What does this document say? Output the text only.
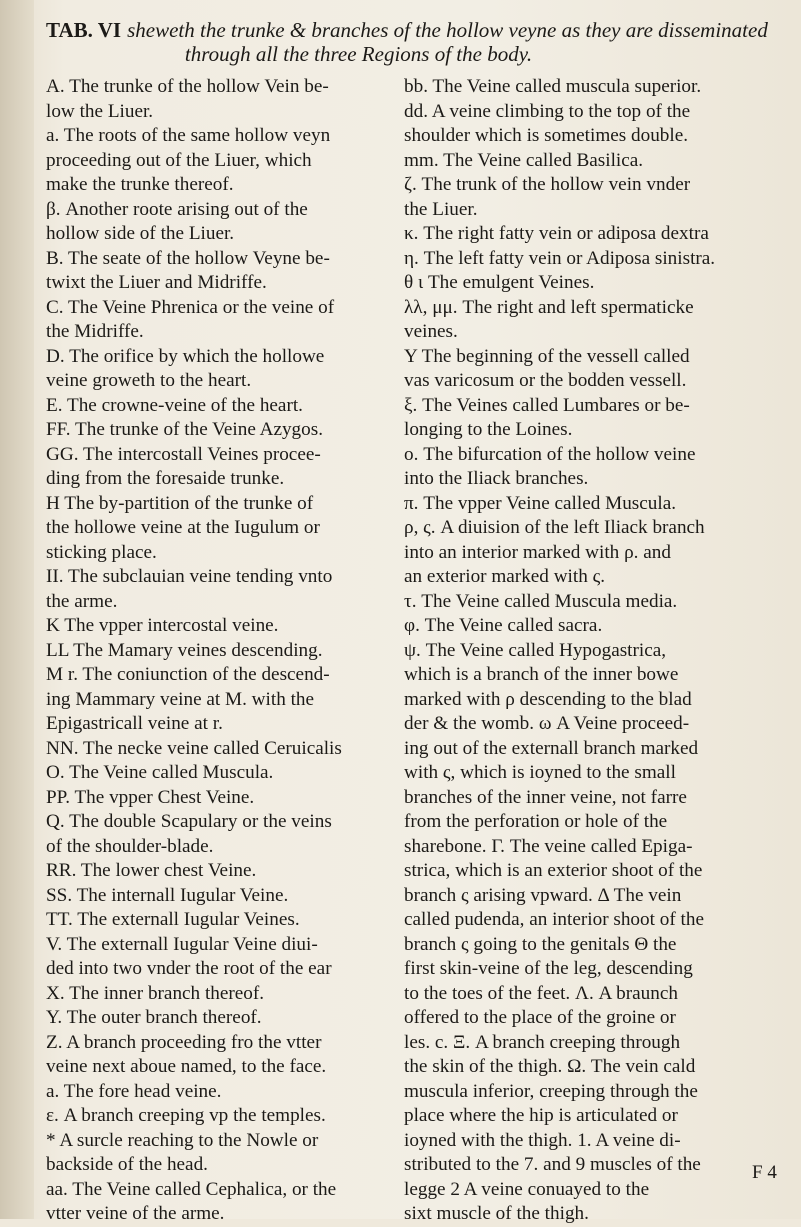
TAB. VI sheweth the trunke & branches of the hollow veyne as they are disseminated
through all the three Regions of the body.
A. The trunke of the hollow Vein be-
low the Liuer.
a. The roots of the same hollow veyn
proceeding out of the Liuer, which
make the trunke thereof.
β. Another roote arising out of the
hollow side of the Liuer.
B. The seate of the hollow Veyne be-
twixt the Liuer and Midriffe.
C. The Veine Phrenica or the veine of
the Midriffe.
D. The orifice by which the hollowe
veine groweth to the heart.
E. The crowne-veine of the heart.
FF. The trunke of the Veine Azygos.
GG. The intercostall Veines procee-
ding from the foresaide trunke.
H The by-partition of the trunke of
the hollowe veine at the Iugulum or
sticking place.
II. The subclauian veine tending vnto
the arme.
K The vpper intercostal veine.
LL The Mamary veines descending.
M r. The coniunction of the descend-
ing Mammary veine at M. with the
Epigastricall veine at r.
NN. The necke veine called Ceruicalis
O. The Veine called Muscula.
PP. The vpper Chest Veine.
Q. The double Scapulary or the veins
of the shoulder-blade.
RR. The lower chest Veine.
SS. The internall Iugular Veine.
TT. The externall Iugular Veines.
V. The externall Iugular Veine diui-
ded into two vnder the root of the ear
X. The inner branch thereof.
Y. The outer branch thereof.
Z. A branch proceeding fro the vtter
veine next aboue named, to the face.
a. The fore head veine.
ε. A branch creeping vp the temples.
* A surcle reaching to the Nowle or
backside of the head.
aa. The Veine called Cephalica, or the
vtter veine of the arme.
bb. The Veine called muscula superior.
dd. A veine climbing to the top of the
shoulder which is sometimes double.
mm. The Veine called Basilica.
ζ. The trunk of the hollow vein vnder
the Liuer.
κ. The right fatty vein or adiposa dextra
η. The left fatty vein or Adiposa sinistra.
θ ι The emulgent Veines.
λλ, μμ. The right and left spermaticke
veines.
Y The beginning of the vessell called
vas varicosum or the bodden vessell.
ξ. The Veines called Lumbares or be-
longing to the Loines.
ο. The bifurcation of the hollow veine
into the Iliack branches.
π. The vpper Veine called Muscula.
ρ, ς. A diuision of the left Iliack branch
into an interior marked with ρ. and
an exterior marked with ς.
τ. The Veine called Muscula media.
φ. The Veine called sacra.
ψ. The Veine called Hypogastrica,
which is a branch of the inner bowe
marked with ρ descending to the blad
der & the womb. ω A Veine proceed-
ing out of the externall branch marked
with ς, which is ioyned to the small
branches of the inner veine, not farre
from the perforation or hole of the
sharebone. Γ. The veine called Epiga-
strica, which is an exterior shoot of the
branch ς arising vpward. Δ The vein
called pudenda, an interior shoot of the
branch ς going to the genitals Θ the
first skin-veine of the leg, descending
to the toes of the feet. Λ. A braunch
offered to the place of the groine or
les. c. Ξ. A branch creeping through
the skin of the thigh. Ω. The vein cald
muscula inferior, creeping through the
place where the hip is articulated or
ioyned with the thigh. 1. A veine di-
stributed to the 7. and 9 muscles of the
legge 2 A veine conuayed to the
sixt muscle of the thigh.
F 4
